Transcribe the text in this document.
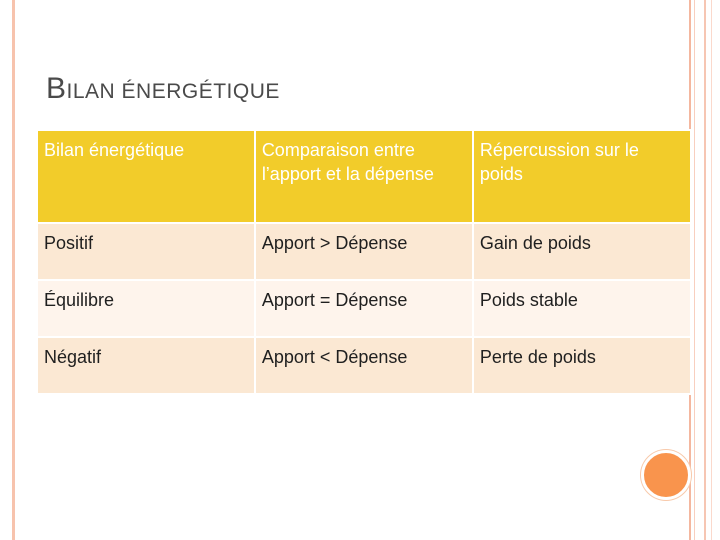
BILAN ÉNERGÉTIQUE
Bilan énergétique	Comparaison entre l’apport et la dépense	Répercussion sur le poids
Positif	Apport > Dépense	Gain de poids
Équilibre	Apport = Dépense	Poids stable
Négatif	Apport < Dépense	Perte de poids
